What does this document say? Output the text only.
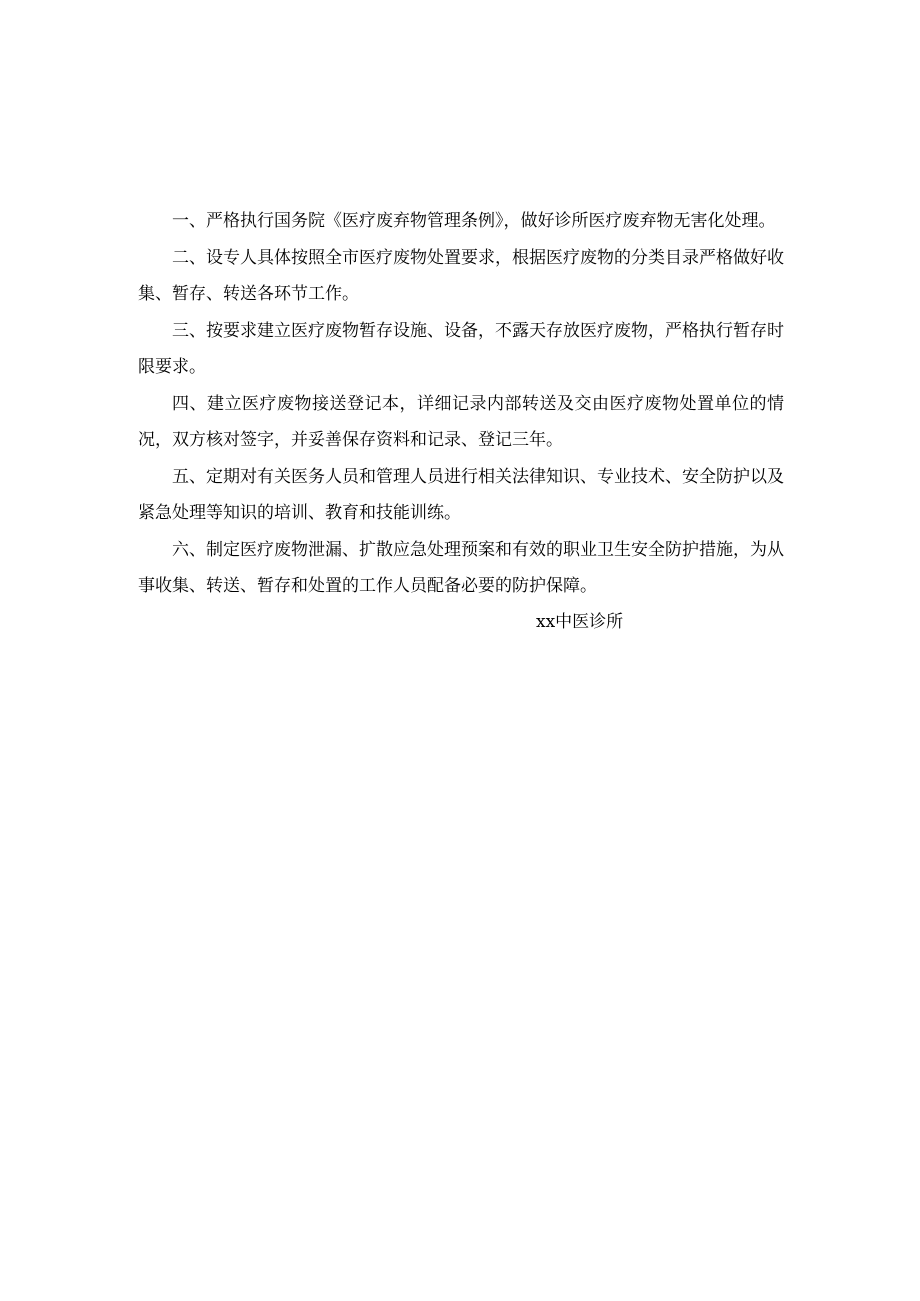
一、严格执行国务院《医疗废弃物管理条例》，做好诊所医疗废弃物无害化处理。

二、设专人具体按照全市医疗废物处置要求，根据医疗废物的分类目录严格做好收集、暂存、转送各环节工作。

三、按要求建立医疗废物暂存设施、设备，不露天存放医疗废物，严格执行暂存时限要求。

四、建立医疗废物接送登记本，详细记录内部转送及交由医疗废物处置单位的情况，双方核对签字，并妥善保存资料和记录、登记三年。

五、定期对有关医务人员和管理人员进行相关法律知识、专业技术、安全防护以及紧急处理等知识的培训、教育和技能训练。

六、制定医疗废物泄漏、扩散应急处理预案和有效的职业卫生安全防护措施，为从事收集、转送、暂存和处置的工作人员配备必要的防护保障。

xx中医诊所
